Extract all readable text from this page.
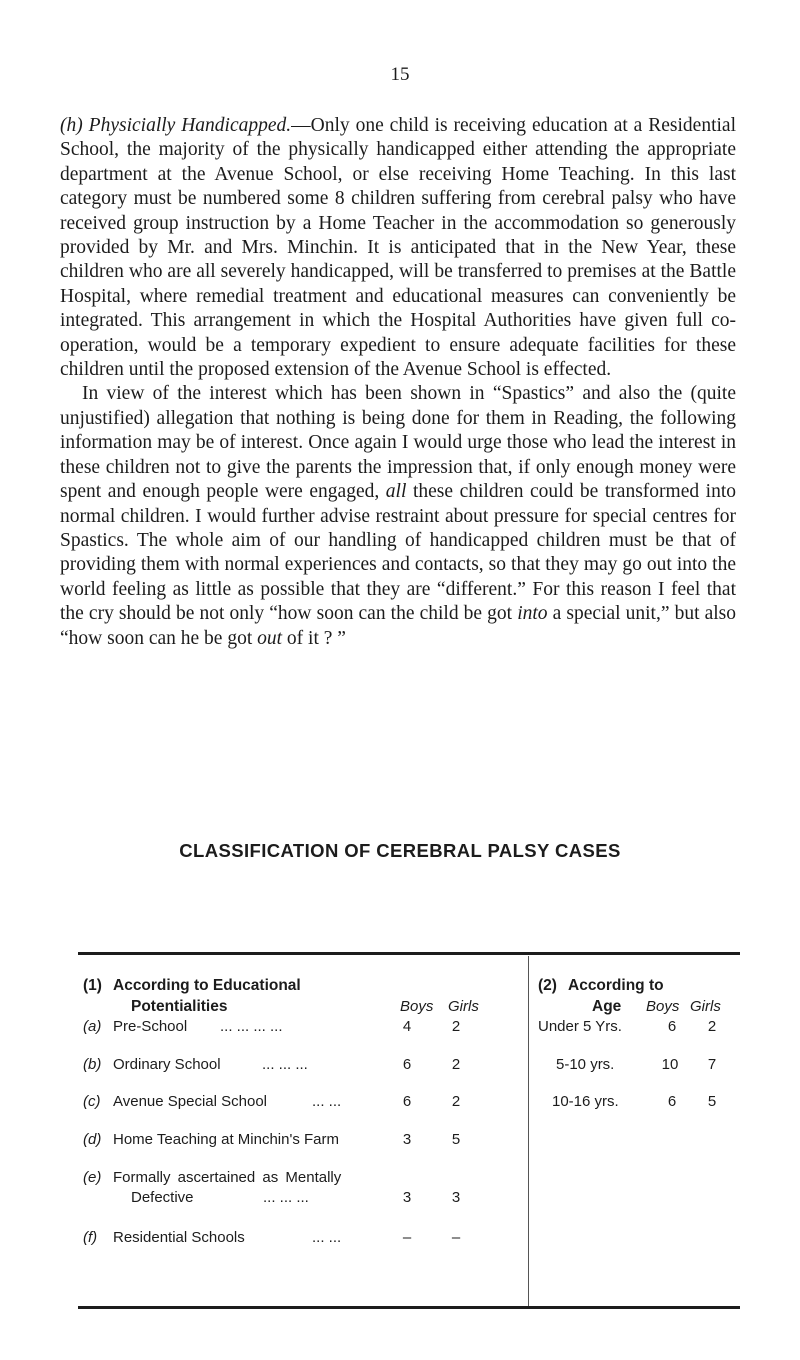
15

(h) Physicially Handicapped.—Only one child is receiving education at a Residential School, the majority of the physically handicapped either attending the appropriate department at the Avenue School, or else receiving Home Teaching. In this last category must be numbered some 8 children suffering from cerebral palsy who have received group instruction by a Home Teacher in the accommodation so generously provided by Mr. and Mrs. Minchin. It is anticipated that in the New Year, these children who are all severely handicapped, will be transferred to premises at the Battle Hospital, where remedial treatment and educational measures can conveniently be integrated. This arrangement in which the Hospital Authorities have given full co-operation, would be a temporary expedient to ensure adequate facilities for these children until the proposed extension of the Avenue School is effected.

In view of the interest which has been shown in “Spastics” and also the (quite unjustified) allegation that nothing is being done for them in Reading, the following information may be of interest. Once again I would urge those who lead the interest in these children not to give the parents the impression that, if only enough money were spent and enough people were engaged, all these children could be transformed into normal children. I would further advise restraint about pressure for special centres for Spastics. The whole aim of our handling of handicapped children must be that of providing them with normal experiences and contacts, so that they may go out into the world feeling as little as possible that they are “different.” For this reason I feel that the cry should be not only “how soon can the child be got into a special unit,” but also “how soon can he be got out of it ? ”

CLASSIFICATION OF CEREBRAL PALSY CASES
(1) According to Educational
Potentialities	Boys Girls
(a) Pre-School ... ... ... ...	4	2
(b) Ordinary School	... ... ...	6	2
(c) Avenue Special School	... ...	6	2
(d) Home Teaching at Minchin's Farm	3	5
(e) Formally ascertained as Mentally
Defective	... ... ...	3	3
(f) Residential Schools	... ...	–	–
(2) According to
Age Boys Girls
Under 5 Yrs.	6	2
5-10 yrs.	10	7
10-16 yrs.	6	5
